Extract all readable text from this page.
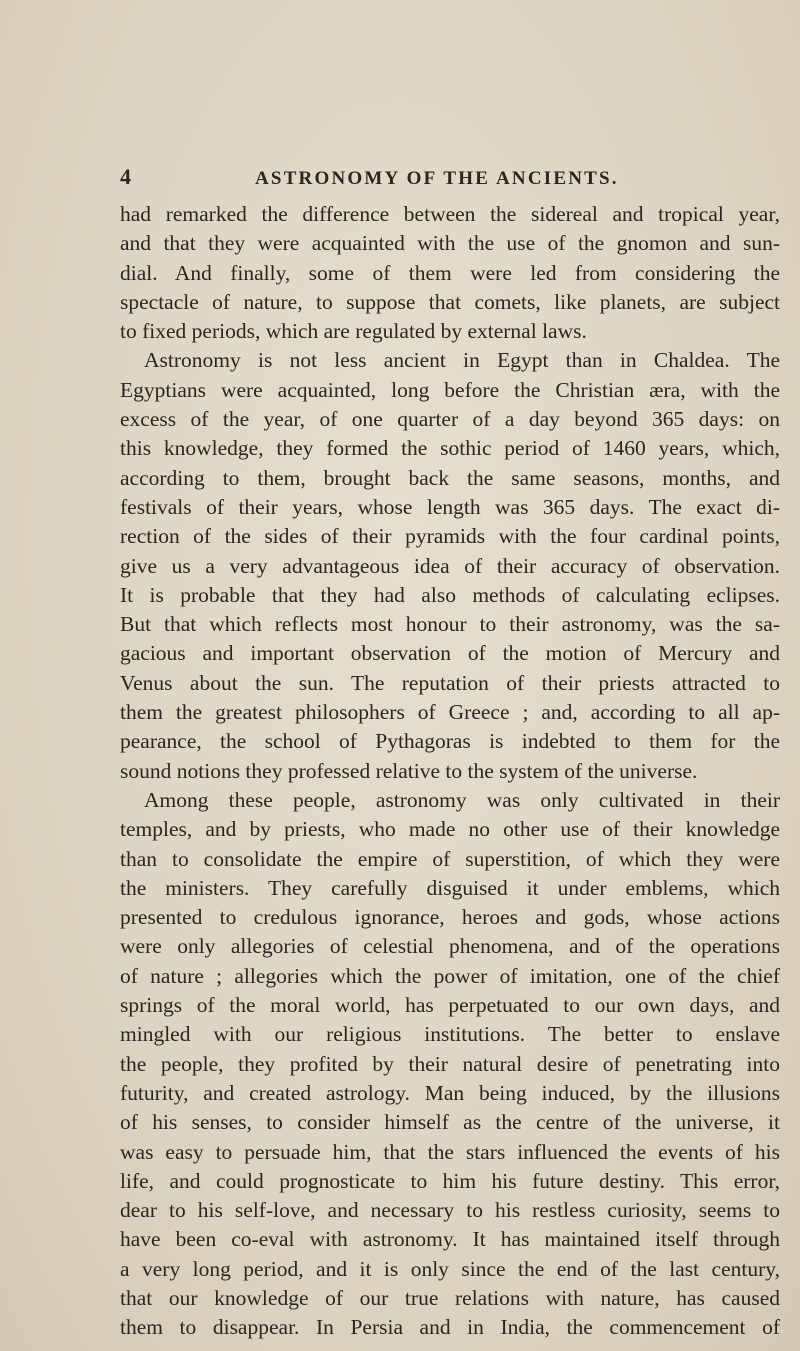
4	ASTRONOMY OF THE ANCIENTS.
had remarked the difference between the sidereal and tropical year,
and that they were acquainted with the use of the gnomon and sun-
dial. And finally, some of them were led from considering the
spectacle of nature, to suppose that comets, like planets, are subject
to fixed periods, which are regulated by external laws.
Astronomy is not less ancient in Egypt than in Chaldea. The
Egyptians were acquainted, long before the Christian æra, with the
excess of the year, of one quarter of a day beyond 365 days: on
this knowledge, they formed the sothic period of 1460 years, which,
according to them, brought back the same seasons, months, and
festivals of their years, whose length was 365 days. The exact di-
rection of the sides of their pyramids with the four cardinal points,
give us a very advantageous idea of their accuracy of observation.
It is probable that they had also methods of calculating eclipses.
But that which reflects most honour to their astronomy, was the sa-
gacious and important observation of the motion of Mercury and
Venus about the sun. The reputation of their priests attracted to
them the greatest philosophers of Greece ; and, according to all ap-
pearance, the school of Pythagoras is indebted to them for the
sound notions they professed relative to the system of the universe.
Among these people, astronomy was only cultivated in their
temples, and by priests, who made no other use of their knowledge
than to consolidate the empire of superstition, of which they were
the ministers. They carefully disguised it under emblems, which
presented to credulous ignorance, heroes and gods, whose actions
were only allegories of celestial phenomena, and of the operations
of nature ; allegories which the power of imitation, one of the chief
springs of the moral world, has perpetuated to our own days, and
mingled with our religious institutions. The better to enslave
the people, they profited by their natural desire of penetrating into
futurity, and created astrology. Man being induced, by the illusions
of his senses, to consider himself as the centre of the universe, it
was easy to persuade him, that the stars influenced the events of his
life, and could prognosticate to him his future destiny. This error,
dear to his self-love, and necessary to his restless curiosity, seems to
have been co-eval with astronomy. It has maintained itself through
a very long period, and it is only since the end of the last century,
that our knowledge of our true relations with nature, has caused
them to disappear. In Persia and in India, the commencement of
